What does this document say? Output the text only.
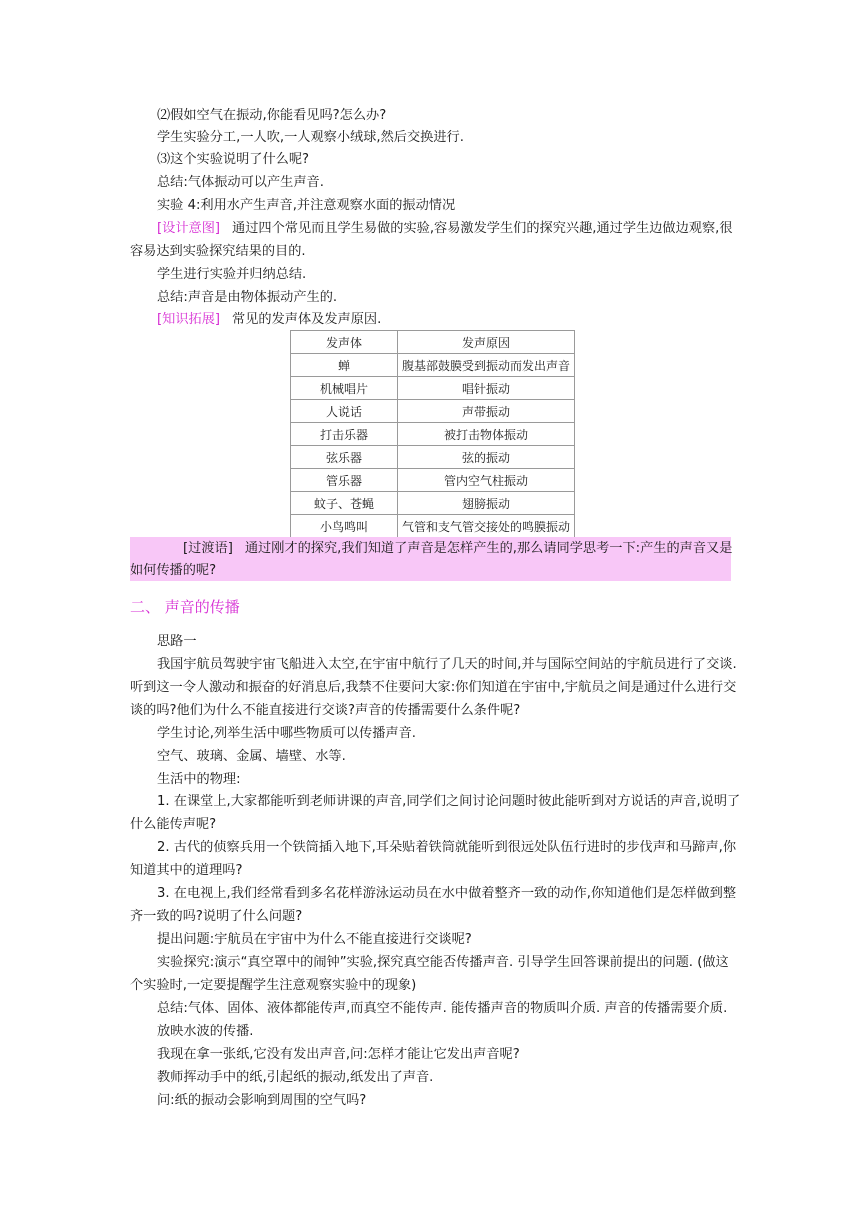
⑵假如空气在振动,你能看见吗?怎么办?
学生实验分工,一人吹,一人观察小绒球,然后交换进行.
⑶这个实验说明了什么呢?
总结:气体振动可以产生声音.
实验 4:利用水产生声音,并注意观察水面的振动情况
[设计意图] 通过四个常见而且学生易做的实验,容易激发学生们的探究兴趣,通过学生边做边观察,很
容易达到实验探究结果的目的.
学生进行实验并归纳总结.
总结:声音是由物体振动产生的.
[知识拓展] 常见的发声体及发声原因.
发声体	发声原因
蝉	腹基部鼓膜受到振动而发出声音
机械唱片	唱针振动
人说话	声带振动
打击乐器	被打击物体振动
弦乐器	弦的振动
管乐器	管内空气柱振动
蚊子、苍蝇	翅膀振动
小鸟鸣叫	气管和支气管交接处的鸣膜振动
[过渡语] 通过刚才的探究,我们知道了声音是怎样产生的,那么请同学思考一下:产生的声音又是
如何传播的呢?
二、 声音的传播
思路一
我国宇航员驾驶宇宙飞船进入太空,在宇宙中航行了几天的时间,并与国际空间站的宇航员进行了交谈.
听到这一令人激动和振奋的好消息后,我禁不住要问大家:你们知道在宇宙中,宇航员之间是通过什么进行交
谈的吗?他们为什么不能直接进行交谈?声音的传播需要什么条件呢?
学生讨论,列举生活中哪些物质可以传播声音.
空气、玻璃、金属、墙壁、水等.
生活中的物理:
1. 在课堂上,大家都能听到老师讲课的声音,同学们之间讨论问题时彼此能听到对方说话的声音,说明了
什么能传声呢?
2. 古代的侦察兵用一个铁筒插入地下,耳朵贴着铁筒就能听到很远处队伍行进时的步伐声和马蹄声,你
知道其中的道理吗?
3. 在电视上,我们经常看到多名花样游泳运动员在水中做着整齐一致的动作,你知道他们是怎样做到整
齐一致的吗?说明了什么问题?
提出问题:宇航员在宇宙中为什么不能直接进行交谈呢?
实验探究:演示“真空罩中的闹钟”实验,探究真空能否传播声音. 引导学生回答课前提出的问题. (做这
个实验时,一定要提醒学生注意观察实验中的现象)
总结:气体、固体、液体都能传声,而真空不能传声. 能传播声音的物质叫介质. 声音的传播需要介质.
放映水波的传播.
我现在拿一张纸,它没有发出声音,问:怎样才能让它发出声音呢?
教师挥动手中的纸,引起纸的振动,纸发出了声音.
问:纸的振动会影响到周围的空气吗?
